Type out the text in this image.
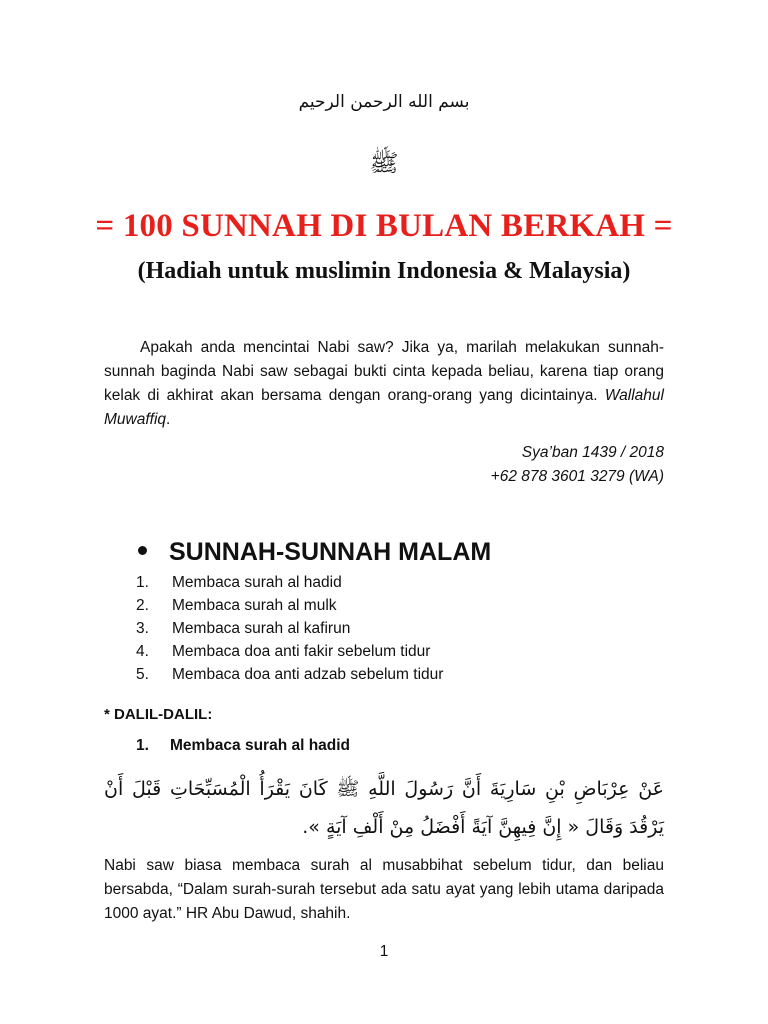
بسم الله الرحمن الرحيم
ﷺ
= 100 SUNNAH DI BULAN BERKAH =
(Hadiah untuk muslimin Indonesia & Malaysia)

Apakah anda mencintai Nabi saw? Jika ya, marilah melakukan sunnah-sunnah baginda Nabi saw sebagai bukti cinta kepada beliau, karena tiap orang kelak di akhirat akan bersama dengan orang-orang yang dicintainya. Wallahul Muwaffiq.

Sya’ban 1439 / 2018
+62 878 3601 3279 (WA)
SUNNAH-SUNNAH MALAM
1.	Membaca surah al hadid
2.	Membaca surah al mulk
3.	Membaca surah al kafirun
4.	Membaca doa anti fakir sebelum tidur
5.	Membaca doa anti adzab sebelum tidur
* DALIL-DALIL:
1. Membaca surah al hadid

عَنْ عِرْبَاضِ بْنِ سَارِيَةَ أَنَّ رَسُولَ اللَّهِ ﷺ كَانَ يَقْرَأُ الْمُسَبِّحَاتِ قَبْلَ أَنْ يَرْقُدَ وَقَالَ « إِنَّ فِيهِنَّ آيَةً أَفْضَلُ مِنْ أَلْفِ آيَةٍ ».

Nabi saw biasa membaca surah al musabbihat sebelum tidur, dan beliau bersabda, “Dalam surah-surah tersebut ada satu ayat yang lebih utama daripada 1000 ayat.” HR Abu Dawud, shahih.

1
